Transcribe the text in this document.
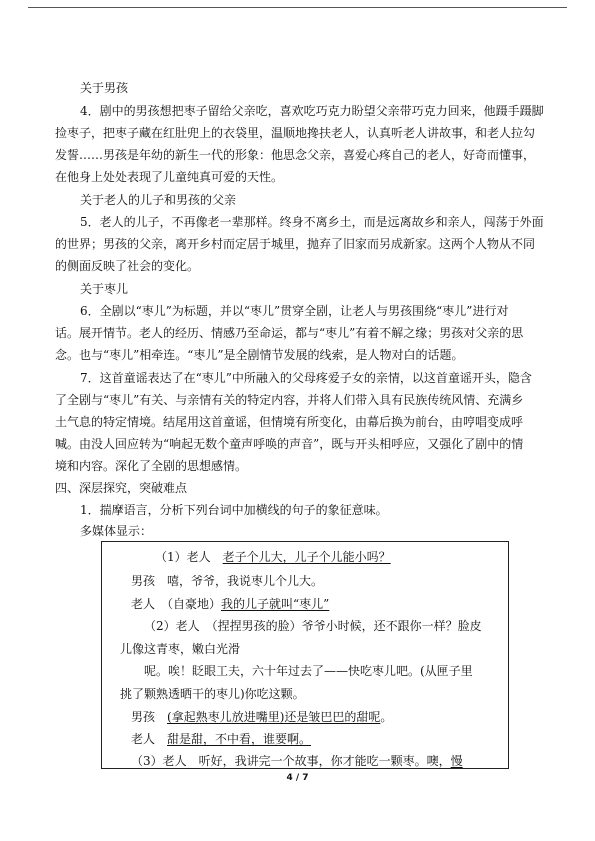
关于男孩
4．剧中的男孩想把枣子留给父亲吃，喜欢吃巧克力盼望父亲带巧克力回来，他蹑手蹑脚
捡枣子，把枣子藏在红肚兜上的衣袋里，温顺地搀扶老人，认真听老人讲故事，和老人拉勾
发誓……男孩是年幼的新生一代的形象：他思念父亲，喜爱心疼自己的老人，好奇而懂事，
在他身上处处表现了儿童纯真可爱的天性。
关于老人的儿子和男孩的父亲
5．老人的儿子，不再像老一辈那样。终身不离乡土，而是远离故乡和亲人，闯荡于外面
的世界；男孩的父亲，离开乡村而定居于城里，抛弃了旧家而另成新家。这两个人物从不同
的侧面反映了社会的变化。
关于枣儿
6．全剧以“枣儿”为标题，并以“枣儿”贯穿全剧，让老人与男孩围绕“枣儿”进行对
话。展开情节。老人的经历、情感乃至命运，都与“枣儿”有着不解之缘；男孩对父亲的思
念。也与“枣儿”相牵连。“枣儿”是全剧情节发展的线索，是人物对白的话题。
7．这首童谣表达了在“枣儿”中所融入的父母疼爱子女的亲情，以这首童谣开头，隐含
了全剧与“枣儿”有关、与亲情有关的特定内容，并将人们带入具有民族传统风情、充满乡
土气息的特定情境。结尾用这首童谣，但情境有所变化，由幕后换为前台，由哼唱变成呼
喊。由没人回应转为“响起无数个童声呼唤的声音”，既与开头相呼应，又强化了剧中的情
境和内容。深化了全剧的思想感情。
四、深层探究，突破难点
1．揣摩语言，分析下列台词中加横线的句子的象征意味。
多媒体显示：
（1）老人　老子个儿大，儿子个儿能小吗？
男孩　嘻，爷爷，我说枣儿个儿大。
老人　（自豪地）我的儿子就叫“枣儿”
（2）老人　（捏捏男孩的脸）爷爷小时候，还不跟你一样？脸皮
儿像这青枣，嫩白光滑
呢。唉！眨眼工夫，六十年过去了——快吃枣儿吧。(从匣子里
挑了颗熟透晒干的枣儿)你吃这颗。
男孩　(拿起熟枣儿放进嘴里)还是皱巴巴的甜呢。
老人　甜是甜，不中看，谁要啊。
（3）老人　听好，我讲完一个故事，你才能吃一颗枣。噢，慢
4 / 7
